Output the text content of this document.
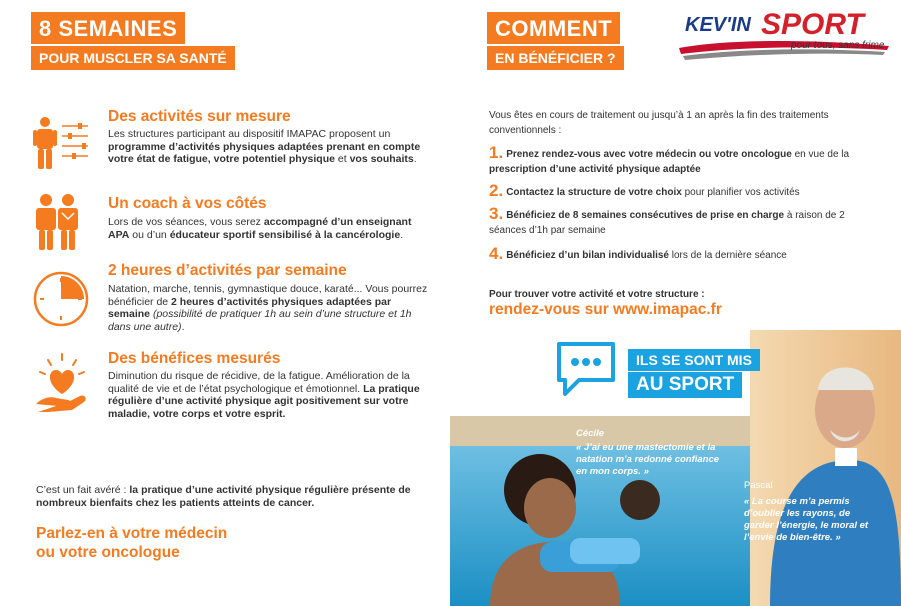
8 SEMAINES
POUR MUSCLER SA SANTÉ
Des activités sur mesure
Les structures participant au dispositif IMAPAC proposent un programme d’activités physiques adaptées prenant en compte votre état de fatigue, votre potentiel physique et vos souhaits.
Un coach à vos côtés
Lors de vos séances, vous serez accompagné d’un enseignant APA ou d’un éducateur sportif sensibilisé à la cancérologie.
2 heures d’activités par semaine
Natation, marche, tennis, gymnastique douce, karaté... Vous pourrez bénéficier de 2 heures d’activités physiques adaptées par semaine (possibilité de pratiquer 1h au sein d’une structure et 1h dans une autre).
Des bénéfices mesurés
Diminution du risque de récidive, de la fatigue. Amélioration de la qualité de vie et de l’état psychologique et émotionnel. La pratique régulière d’une activité physique agit positivement sur votre maladie, votre corps et votre esprit.
C’est un fait avéré : la pratique d’une activité physique régulière présente de nombreux bienfaits chez les patients atteints de cancer.
Parlez-en à votre médecin
ou votre oncologue
COMMENT
EN BÉNÉFICIER ?
KEV'IN SPORT
pour tous, sans frime
Vous êtes en cours de traitement ou jusqu’à 1 an après la fin des traitements conventionnels :
1. Prenez rendez-vous avec votre médecin ou votre oncologue en vue de la prescription d’une activité physique adaptée
2. Contactez la structure de votre choix pour planifier vos activités
3. Bénéficiez de 8 semaines consécutives de prise en charge à raison de 2 séances d’1h par semaine
4. Bénéficiez d’un bilan individualisé lors de la dernière séance
Pour trouver votre activité et votre structure :
rendez-vous sur www.imapac.fr
ILS SE SONT MIS
AU SPORT
Cécile
« J’ai eu une mastectomie et la natation m’a redonné confiance en mon corps. »
Pascal
« La course m’a permis d’oublier les rayons, de garder l’énergie, le moral et l’envie de bien-être. »
